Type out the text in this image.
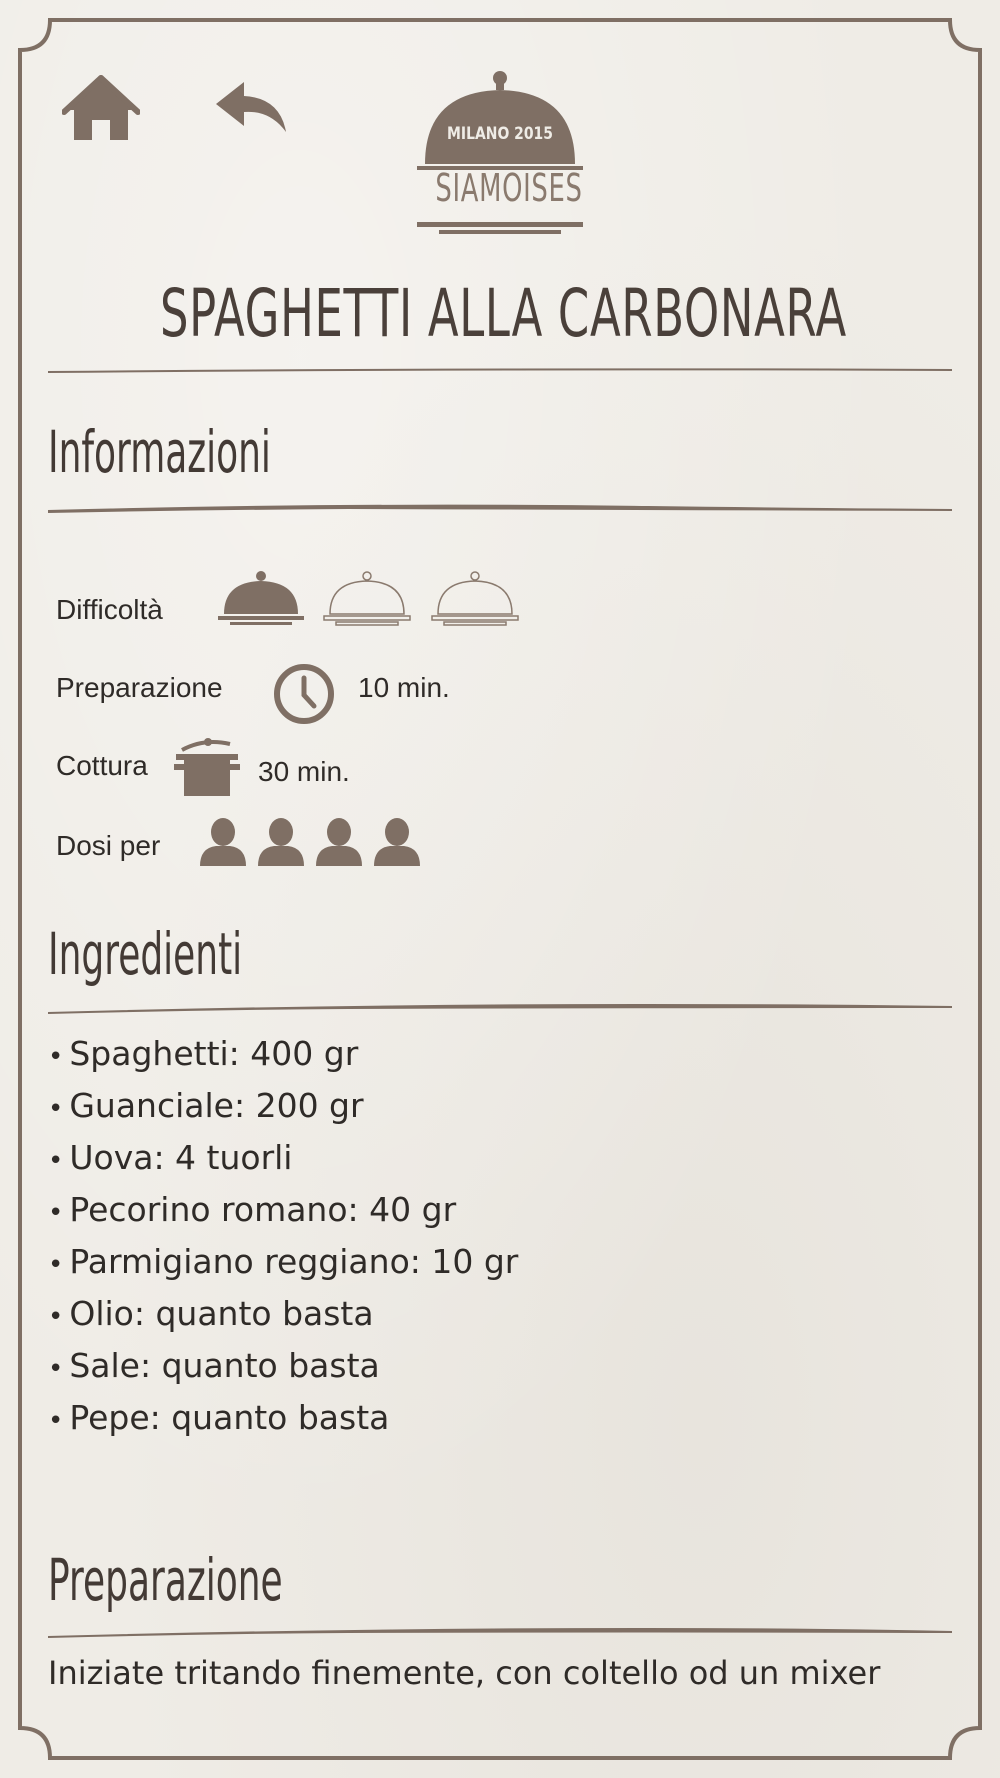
MILANO 2015
SIAMOISES
SPAGHETTI ALLA CARBONARA
Informazioni
Difficoltà
Preparazione	10 min.
Cottura	30 min.
Dosi per
Ingredienti
• Spaghetti: 400 gr
• Guanciale: 200 gr
• Uova: 4 tuorli
• Pecorino romano: 40 gr
• Parmigiano reggiano: 10 gr
• Olio: quanto basta
• Sale: quanto basta
• Pepe: quanto basta
Preparazione
Iniziate tritando finemente, con coltello od un mixer
